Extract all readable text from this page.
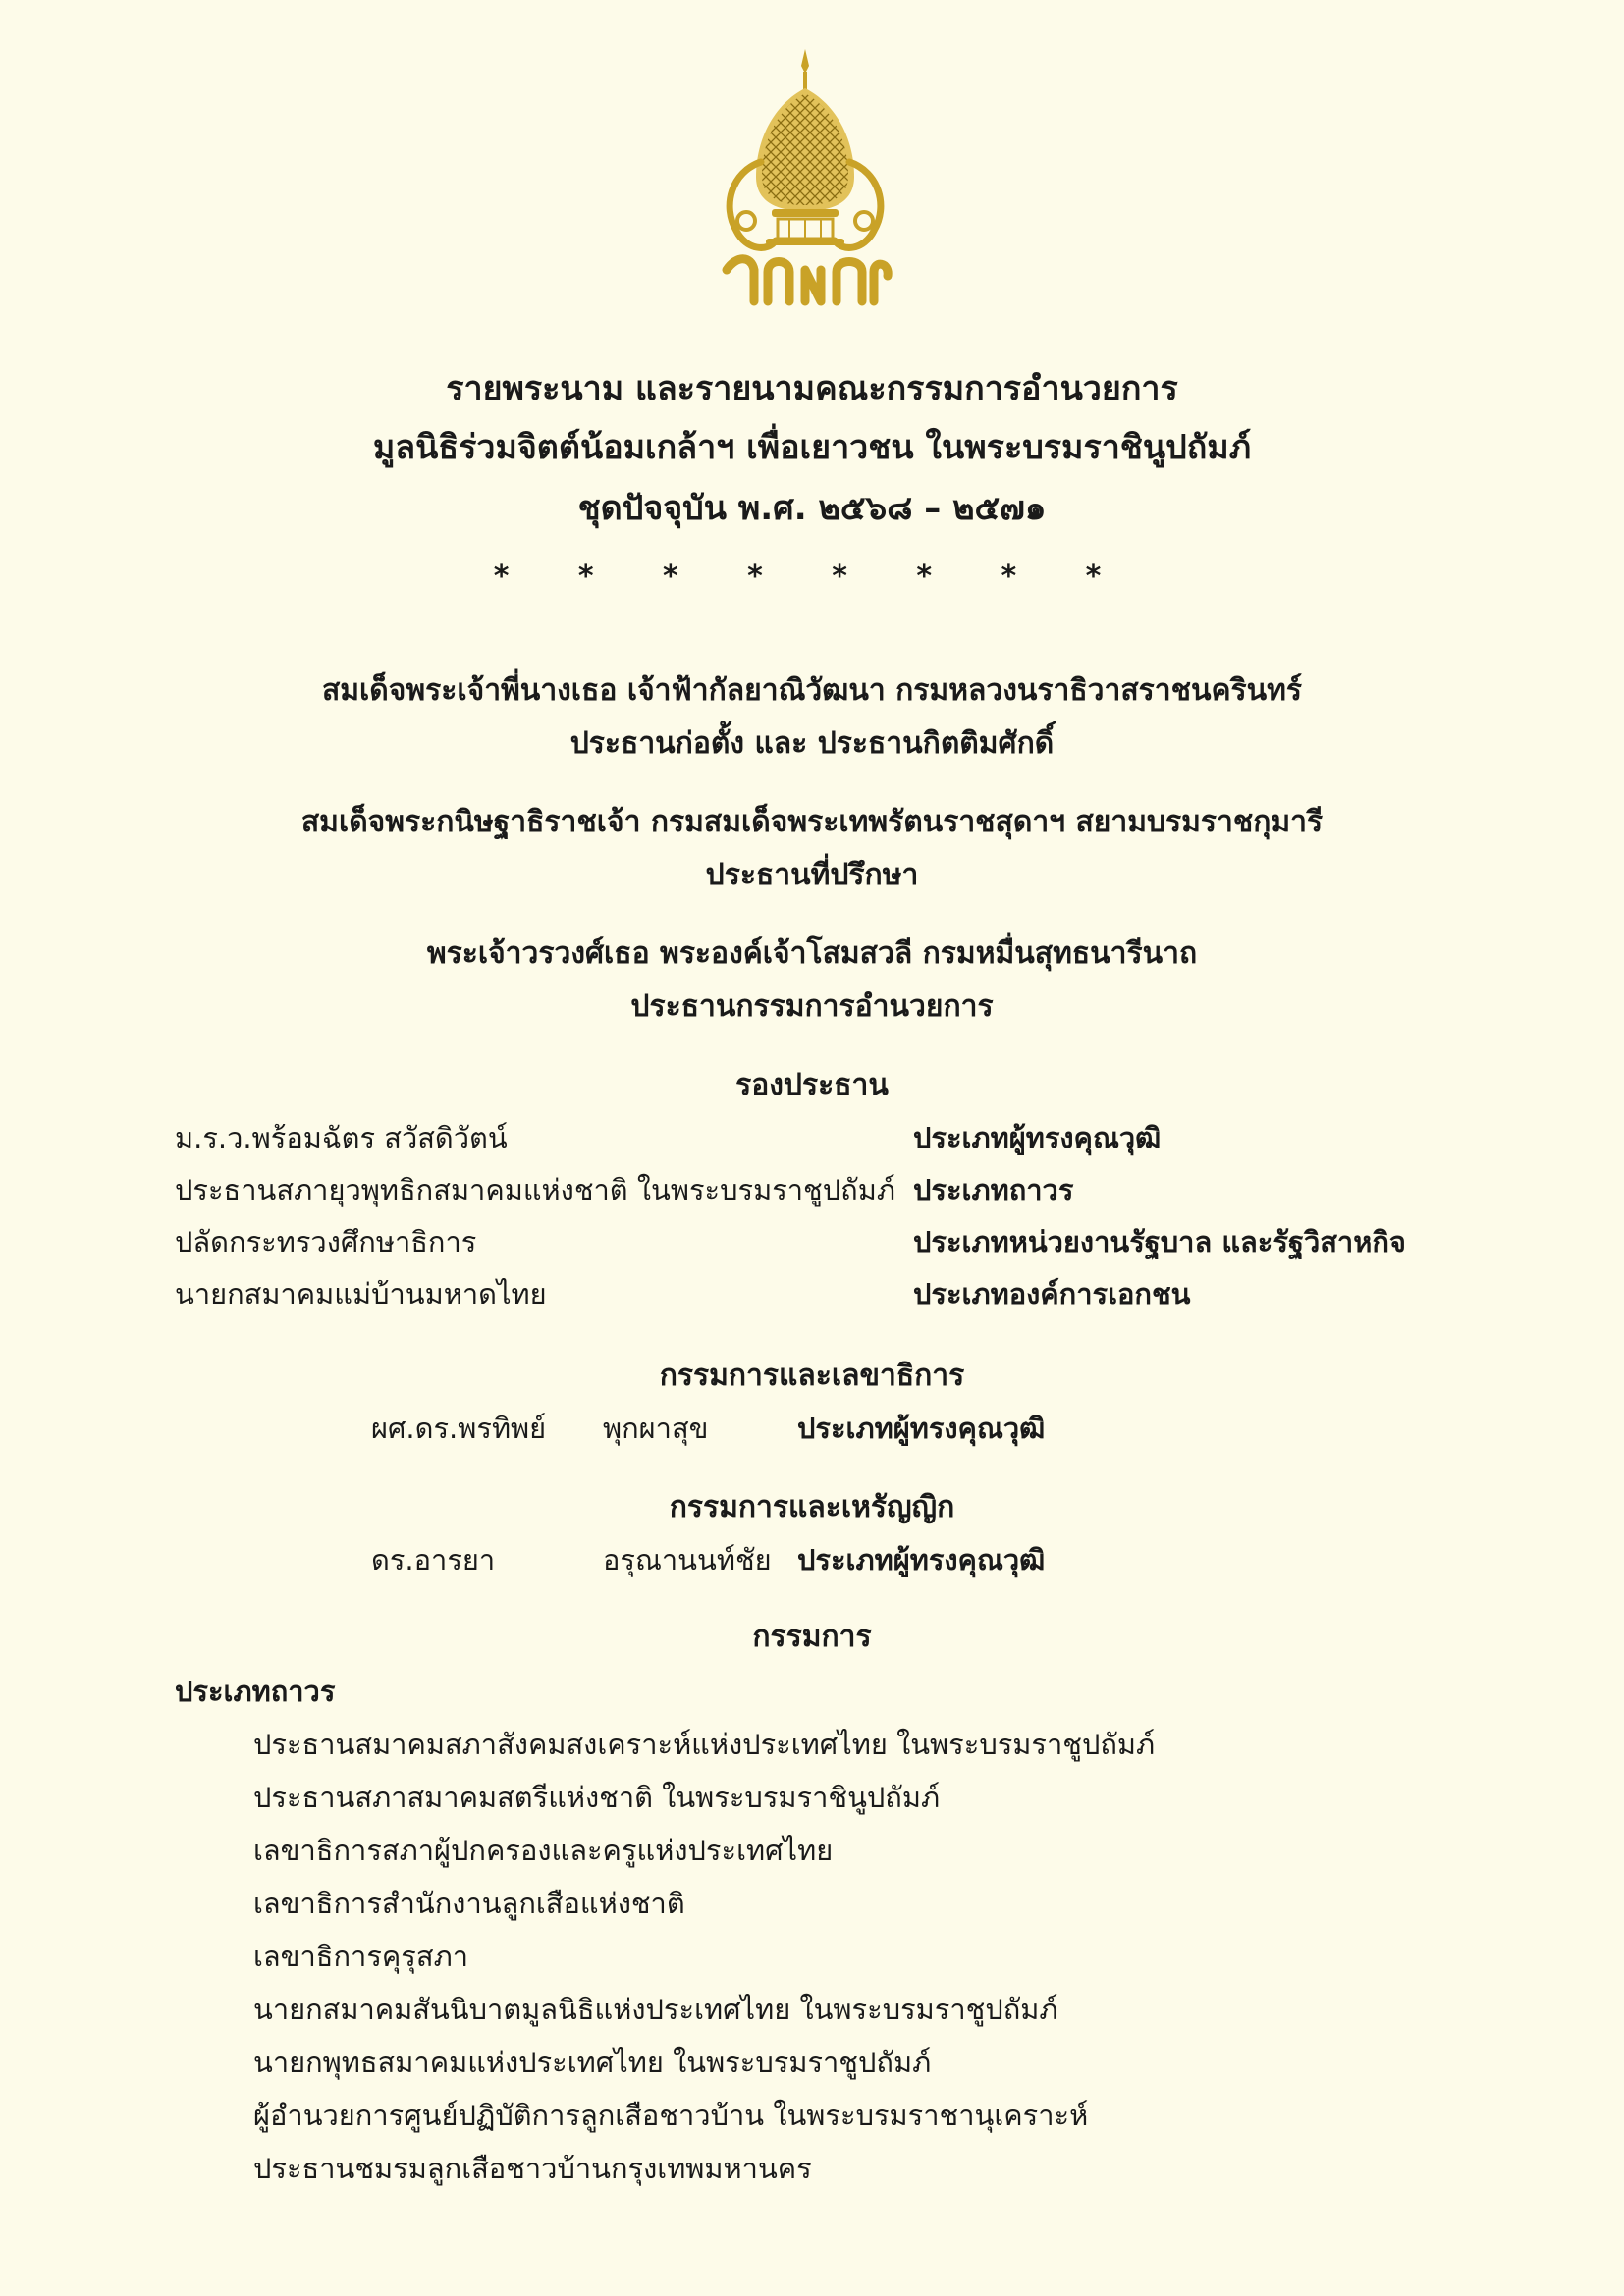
รายพระนาม และรายนามคณะกรรมการอำนวยการ
มูลนิธิร่วมจิตต์น้อมเกล้าฯ เพื่อเยาวชน ในพระบรมราชินูปถัมภ์
ชุดปัจจุบัน พ.ศ. ๒๕๖๘ – ๒๕๗๑
* * * * * * * *
สมเด็จพระเจ้าพี่นางเธอ เจ้าฟ้ากัลยาณิวัฒนา กรมหลวงนราธิวาสราชนครินทร์
ประธานก่อตั้ง และ ประธานกิตติมศักดิ์
สมเด็จพระกนิษฐาธิราชเจ้า กรมสมเด็จพระเทพรัตนราชสุดาฯ สยามบรมราชกุมารี
ประธานที่ปรึกษา
พระเจ้าวรวงศ์เธอ พระองค์เจ้าโสมสวลี กรมหมื่นสุทธนารีนาถ
ประธานกรรมการอำนวยการ
รองประธาน
ม.ร.ว.พร้อมฉัตร สวัสดิวัตน์	ประเภทผู้ทรงคุณวุฒิ
ประธานสภายุวพุทธิกสมาคมแห่งชาติ ในพระบรมราชูปถัมภ์ ประเภทถาวร
ปลัดกระทรวงศึกษาธิการ	ประเภทหน่วยงานรัฐบาล และรัฐวิสาหกิจ
นายกสมาคมแม่บ้านมหาดไทย	ประเภทองค์การเอกชน
กรรมการและเลขาธิการ
ผศ.ดร.พรทิพย์ พุกผาสุข	ประเภทผู้ทรงคุณวุฒิ
กรรมการและเหรัญญิก
ดร.อารยา	อรุณานนท์ชัย ประเภทผู้ทรงคุณวุฒิ
กรรมการ
ประเภทถาวร
ประธานสมาคมสภาสังคมสงเคราะห์แห่งประเทศไทย ในพระบรมราชูปถัมภ์
ประธานสภาสมาคมสตรีแห่งชาติ ในพระบรมราชินูปถัมภ์
เลขาธิการสภาผู้ปกครองและครูแห่งประเทศไทย
เลขาธิการสำนักงานลูกเสือแห่งชาติ
เลขาธิการคุรุสภา
นายกสมาคมสันนิบาตมูลนิธิแห่งประเทศไทย ในพระบรมราชูปถัมภ์
นายกพุทธสมาคมแห่งประเทศไทย ในพระบรมราชูปถัมภ์
ผู้อำนวยการศูนย์ปฏิบัติการลูกเสือชาวบ้าน ในพระบรมราชานุเคราะห์
ประธานชมรมลูกเสือชาวบ้านกรุงเทพมหานคร
